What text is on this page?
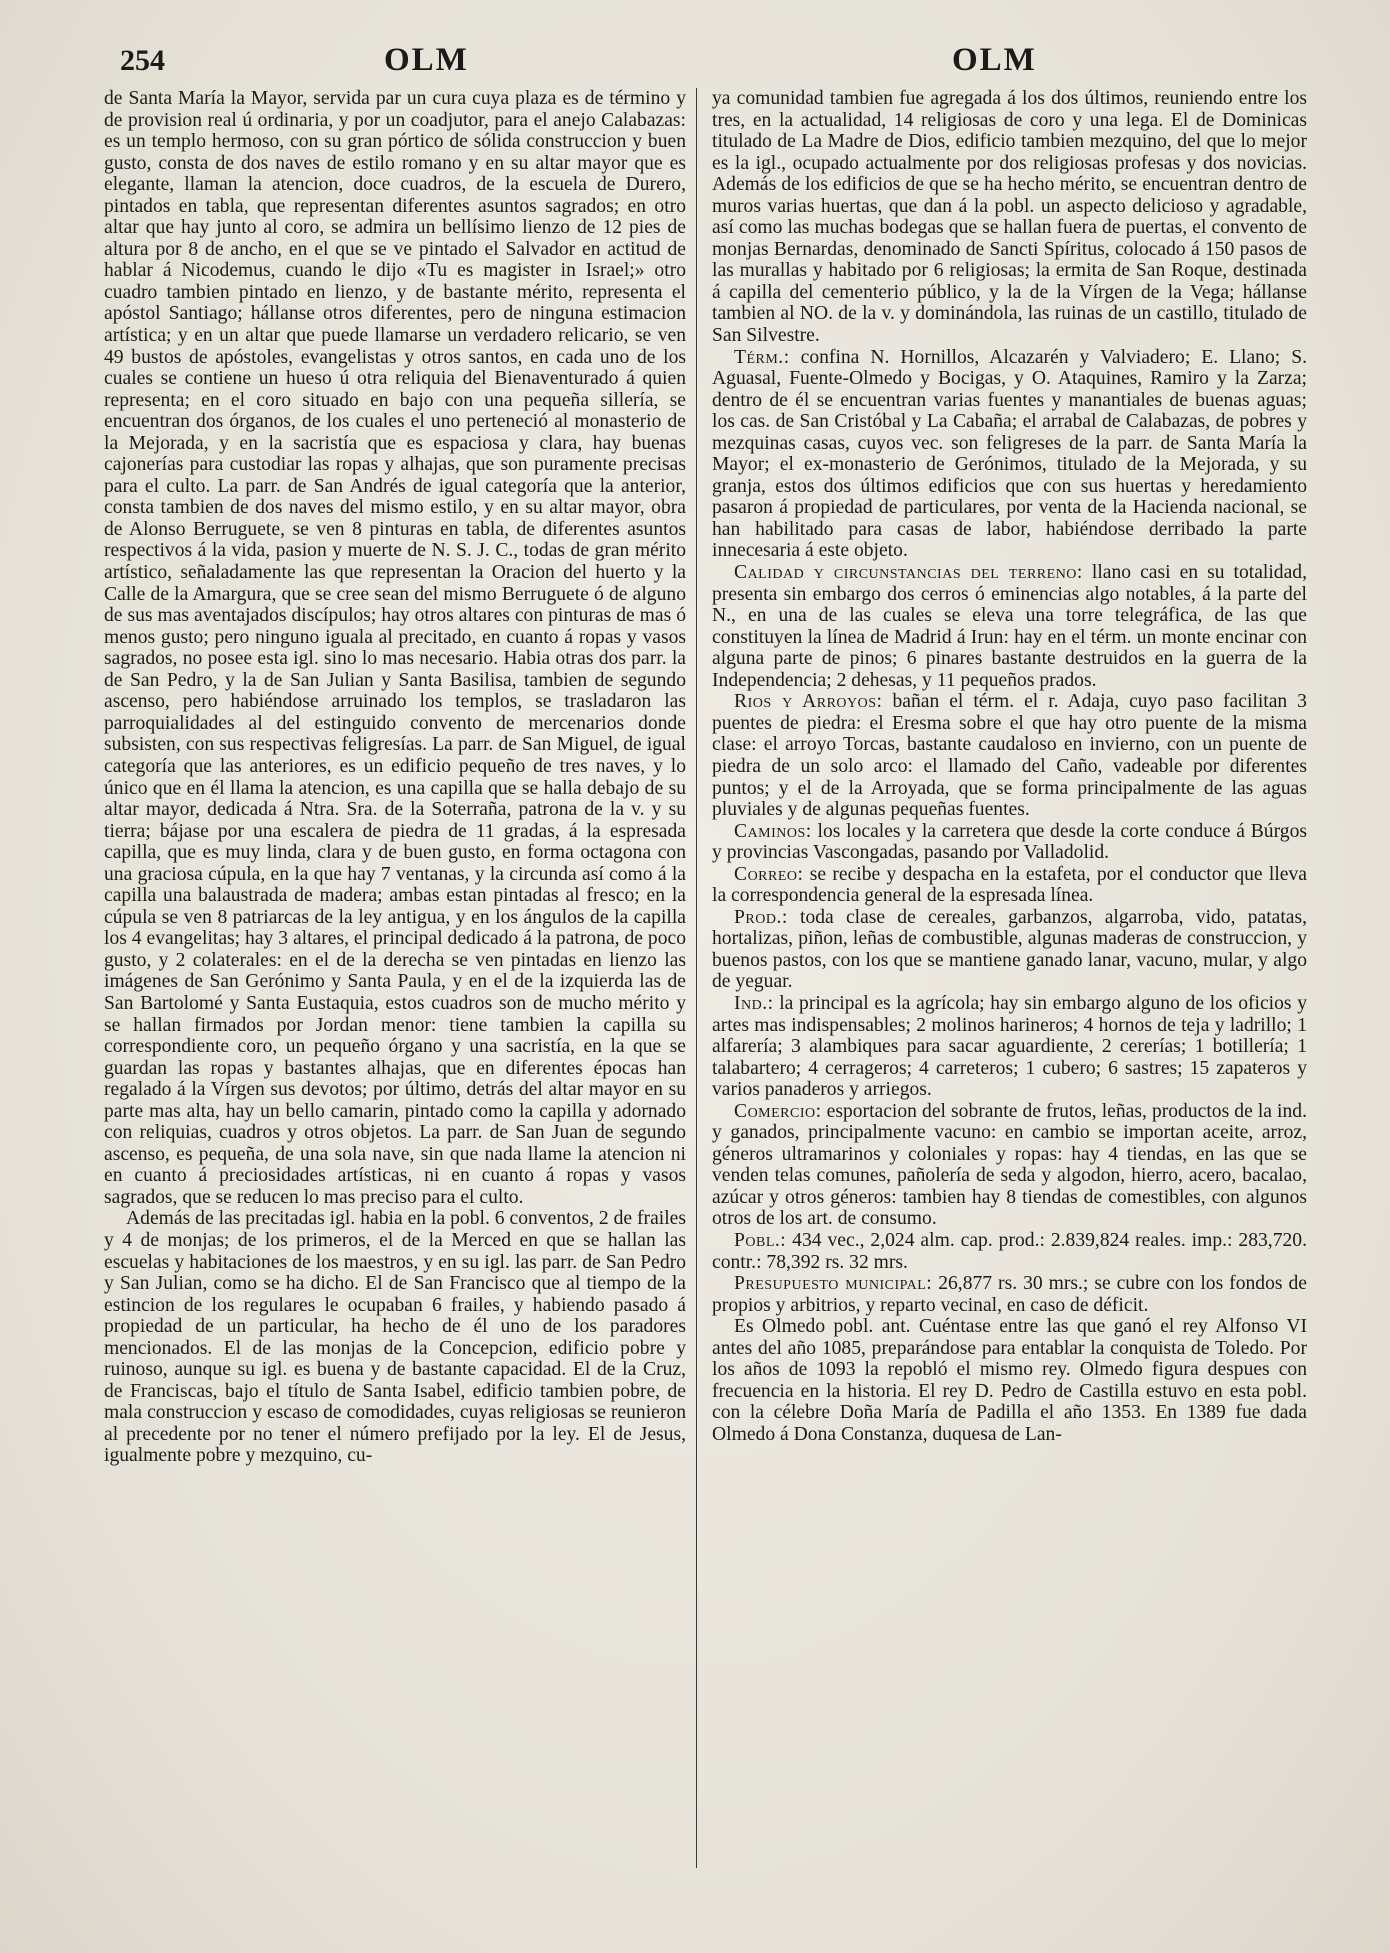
254	OLM	OLM

de Santa María la Mayor, servida par un cura cuya plaza es de término y de provision real ú ordinaria, y por un coadjutor, para el anejo Calabazas: es un templo hermoso, con su gran pórtico de sólida construccion y buen gusto, consta de dos naves de estilo romano y en su altar mayor que es elegante, llaman la atencion, doce cuadros, de la escuela de Durero, pintados en tabla, que representan diferentes asuntos sagrados; en otro altar que hay junto al coro, se admira un bellísimo lienzo de 12 pies de altura por 8 de ancho, en el que se ve pintado el Salvador en actitud de hablar á Nicodemus, cuando le dijo «Tu es magister in Israel;» otro cuadro tambien pintado en lienzo, y de bastante mérito, representa el apóstol Santiago; hállanse otros diferentes, pero de ninguna estimacion artística; y en un altar que puede llamarse un verdadero relicario, se ven 49 bustos de apóstoles, evangelistas y otros santos, en cada uno de los cuales se contiene un hueso ú otra reliquia del Bienaventurado á quien representa; en el coro situado en bajo con una pequeña sillería, se encuentran dos órganos, de los cuales el uno perteneció al monasterio de la Mejorada, y en la sacristía que es espaciosa y clara, hay buenas cajonerías para custodiar las ropas y alhajas, que son puramente precisas para el culto. La parr. de San Andrés de igual categoría que la anterior, consta tambien de dos naves del mismo estilo, y en su altar mayor, obra de Alonso Berruguete, se ven 8 pinturas en tabla, de diferentes asuntos respectivos á la vida, pasion y muerte de N. S. J. C., todas de gran mérito artístico, señaladamente las que representan la Oracion del huerto y la Calle de la Amargura, que se cree sean del mismo Berruguete ó de alguno de sus mas aventajados discípulos; hay otros altares con pinturas de mas ó menos gusto; pero ninguno iguala al precitado, en cuanto á ropas y vasos sagrados, no posee esta igl. sino lo mas necesario. Habia otras dos parr. la de San Pedro, y la de San Julian y Santa Basilisa, tambien de segundo ascenso, pero habiéndose arruinado los templos, se trasladaron las parroquialidades al del estinguido convento de mercenarios donde subsisten, con sus respectivas feligresías. La parr. de San Miguel, de igual categoría que las anteriores, es un edificio pequeño de tres naves, y lo único que en él llama la atencion, es una capilla que se halla debajo de su altar mayor, dedicada á Ntra. Sra. de la Soterraña, patrona de la v. y su tierra; bájase por una escalera de piedra de 11 gradas, á la espresada capilla, que es muy linda, clara y de buen gusto, en forma octagona con una graciosa cúpula, en la que hay 7 ventanas, y la circunda así como á la capilla una balaustrada de madera; ambas estan pintadas al fresco; en la cúpula se ven 8 patriarcas de la ley antigua, y en los ángulos de la capilla los 4 evangelitas; hay 3 altares, el principal dedicado á la patrona, de poco gusto, y 2 colaterales: en el de la derecha se ven pintadas en lienzo las imágenes de San Gerónimo y Santa Paula, y en el de la izquierda las de San Bartolomé y Santa Eustaquia, estos cuadros son de mucho mérito y se hallan firmados por Jordan menor: tiene tambien la capilla su correspondiente coro, un pequeño órgano y una sacristía, en la que se guardan las ropas y bastantes alhajas, que en diferentes épocas han regalado á la Vírgen sus devotos; por último, detrás del altar mayor en su parte mas alta, hay un bello camarin, pintado como la capilla y adornado con reliquias, cuadros y otros objetos. La parr. de San Juan de segundo ascenso, es pequeña, de una sola nave, sin que nada llame la atencion ni en cuanto á preciosidades artísticas, ni en cuanto á ropas y vasos sagrados, que se reducen lo mas preciso para el culto.

Además de las precitadas igl. habia en la pobl. 6 conventos, 2 de frailes y 4 de monjas; de los primeros, el de la Merced en que se hallan las escuelas y habitaciones de los maestros, y en su igl. las parr. de San Pedro y San Julian, como se ha dicho. El de San Francisco que al tiempo de la estincion de los regulares le ocupaban 6 frailes, y habiendo pasado á propiedad de un particular, ha hecho de él uno de los paradores mencionados. El de las monjas de la Concepcion, edificio pobre y ruinoso, aunque su igl. es buena y de bastante capacidad. El de la Cruz, de Franciscas, bajo el título de Santa Isabel, edificio tambien pobre, de mala construccion y escaso de comodidades, cuyas religiosas se reunieron al precedente por no tener el número prefijado por la ley. El de Jesus, igualmente pobre y mezquino, cu-

ya comunidad tambien fue agregada á los dos últimos, reuniendo entre los tres, en la actualidad, 14 religiosas de coro y una lega. El de Dominicas titulado de La Madre de Dios, edificio tambien mezquino, del que lo mejor es la igl., ocupado actualmente por dos religiosas profesas y dos novicias. Además de los edificios de que se ha hecho mérito, se encuentran dentro de muros varias huertas, que dan á la pobl. un aspecto delicioso y agradable, así como las muchas bodegas que se hallan fuera de puertas, el convento de monjas Bernardas, denominado de Sancti Spíritus, colocado á 150 pasos de las murallas y habitado por 6 religiosas; la ermita de San Roque, destinada á capilla del cementerio público, y la de la Vírgen de la Vega; hállanse tambien al NO. de la v. y dominándola, las ruinas de un castillo, titulado de San Silvestre.

Térm.: confina N. Hornillos, Alcazarén y Valviadero; E. Llano; S. Aguasal, Fuente-Olmedo y Bocigas, y O. Ataquines, Ramiro y la Zarza; dentro de él se encuentran varias fuentes y manantiales de buenas aguas; los cas. de San Cristóbal y La Cabaña; el arrabal de Calabazas, de pobres y mezquinas casas, cuyos vec. son feligreses de la parr. de Santa María la Mayor; el ex-monasterio de Gerónimos, titulado de la Mejorada, y su granja, estos dos últimos edificios que con sus huertas y heredamiento pasaron á propiedad de particulares, por venta de la Hacienda nacional, se han habilitado para casas de labor, habiéndose derribado la parte innecesaria á este objeto.

Calidad y circunstancias del terreno: llano casi en su totalidad, presenta sin embargo dos cerros ó eminencias algo notables, á la parte del N., en una de las cuales se eleva una torre telegráfica, de las que constituyen la línea de Madrid á Irun: hay en el térm. un monte encinar con alguna parte de pinos; 6 pinares bastante destruidos en la guerra de la Independencia; 2 dehesas, y 11 pequeños prados.

Rios y Arroyos: bañan el térm. el r. Adaja, cuyo paso facilitan 3 puentes de piedra: el Eresma sobre el que hay otro puente de la misma clase: el arroyo Torcas, bastante caudaloso en invierno, con un puente de piedra de un solo arco: el llamado del Caño, vadeable por diferentes puntos; y el de la Arroyada, que se forma principalmente de las aguas pluviales y de algunas pequeñas fuentes.

Caminos: los locales y la carretera que desde la corte conduce á Búrgos y provincias Vascongadas, pasando por Valladolid.

Correo: se recibe y despacha en la estafeta, por el conductor que lleva la correspondencia general de la espresada línea.

Prod.: toda clase de cereales, garbanzos, algarroba, vido, patatas, hortalizas, piñon, leñas de combustible, algunas maderas de construccion, y buenos pastos, con los que se mantiene ganado lanar, vacuno, mular, y algo de yeguar.

Ind.: la principal es la agrícola; hay sin embargo alguno de los oficios y artes mas indispensables; 2 molinos harineros; 4 hornos de teja y ladrillo; 1 alfarería; 3 alambiques para sacar aguardiente, 2 cererías; 1 botillería; 1 talabartero; 4 cerrageros; 4 carreteros; 1 cubero; 6 sastres; 15 zapateros y varios panaderos y arriegos.

Comercio: esportacion del sobrante de frutos, leñas, productos de la ind. y ganados, principalmente vacuno: en cambio se importan aceite, arroz, géneros ultramarinos y coloniales y ropas: hay 4 tiendas, en las que se venden telas comunes, pañolería de seda y algodon, hierro, acero, bacalao, azúcar y otros géneros: tambien hay 8 tiendas de comestibles, con algunos otros de los art. de consumo.

Pobl.: 434 vec., 2,024 alm. cap. prod.: 2.839,824 reales. imp.: 283,720. contr.: 78,392 rs. 32 mrs.

Presupuesto municipal: 26,877 rs. 30 mrs.; se cubre con los fondos de propios y arbitrios, y reparto vecinal, en caso de déficit.

Es Olmedo pobl. ant. Cuéntase entre las que ganó el rey Alfonso VI antes del año 1085, preparándose para entablar la conquista de Toledo. Por los años de 1093 la repobló el mismo rey. Olmedo figura despues con frecuencia en la historia. El rey D. Pedro de Castilla estuvo en esta pobl. con la célebre Doña María de Padilla el año 1353. En 1389 fue dada Olmedo á Dona Constanza, duquesa de Lan-
